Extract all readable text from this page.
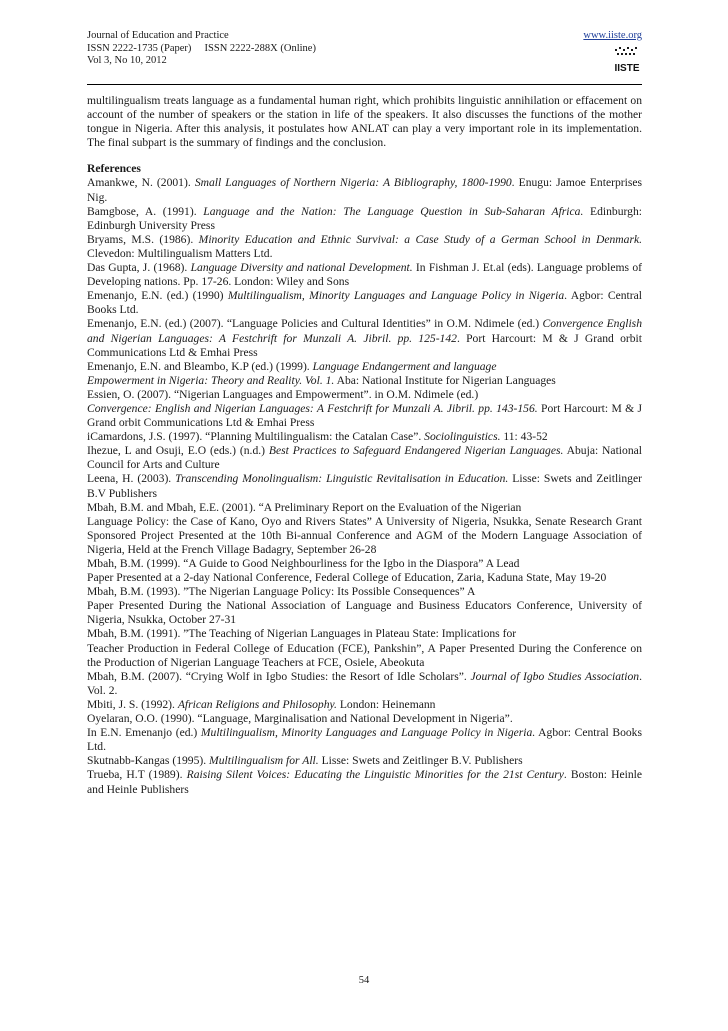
Journal of Education and Practice
ISSN 2222-1735 (Paper)     ISSN 2222-288X (Online)
Vol 3, No 10, 2012
www.iiste.org
IISTE

multilingualism treats language as a fundamental human right, which prohibits linguistic annihilation or effacement on account of the number of speakers or the station in life of the speakers. It also discusses the functions of the mother tongue in Nigeria. After this analysis, it postulates how ANLAT can play a very important role in its implementation. The final subpart is the summary of findings and the conclusion.

References

Amankwe, N. (2001). Small Languages of Northern Nigeria: A Bibliography, 1800-1990. Enugu: Jamoe Enterprises Nig.

Bamgbose, A. (1991). Language and the Nation: The Language Question in Sub-Saharan Africa. Edinburgh: Edinburgh University Press

Bryams, M.S. (1986). Minority Education and Ethnic Survival: a Case Study of a German School in Denmark. Clevedon: Multilingualism Matters Ltd.

Das Gupta, J. (1968). Language Diversity and national Development. In Fishman J. Et.al (eds). Language problems of Developing nations. Pp. 17-26. London: Wiley and Sons

Emenanjo, E.N. (ed.) (1990) Multilingualism, Minority Languages and Language Policy in Nigeria. Agbor: Central Books Ltd.

Emenanjo, E.N. (ed.) (2007). “Language Policies and Cultural Identities” in O.M. Ndimele (ed.) Convergence English and Nigerian Languages: A Festchrift for Munzali A. Jibril. pp. 125-142. Port Harcourt: M & J Grand orbit Communications Ltd & Emhai Press

Emenanjo, E.N. and Bleambo, K.P (ed.) (1999). Language Endangerment and language

Empowerment in Nigeria: Theory and Reality. Vol. 1. Aba: National Institute for Nigerian Languages

Essien, O. (2007). “Nigerian Languages and Empowerment”. in O.M. Ndimele (ed.)

Convergence: English and Nigerian Languages: A Festchrift for Munzali A. Jibril. pp. 143-156. Port Harcourt: M & J Grand orbit Communications Ltd & Emhai Press

iCamardons, J.S. (1997). “Planning Multilingualism: the Catalan Case”. Sociolinguistics. 11: 43-52

Ihezue, L and Osuji, E.O (eds.) (n.d.) Best Practices to Safeguard Endangered Nigerian Languages. Abuja: National Council for Arts and Culture

Leena, H. (2003). Transcending Monolingualism: Linguistic Revitalisation in Education. Lisse: Swets and Zeitlinger B.V Publishers

Mbah, B.M. and Mbah, E.E. (2001). “A Preliminary Report on the Evaluation of the Nigerian

Language Policy: the Case of Kano, Oyo and Rivers States” A University of Nigeria, Nsukka, Senate Research Grant Sponsored Project Presented at the 10th Bi-annual Conference and AGM of the Modern Language Association of Nigeria, Held at the French Village Badagry, September 26-28

Mbah, B.M. (1999). “A Guide to Good Neighbourliness for the Igbo in the Diaspora” A Lead

Paper Presented at a 2-day National Conference, Federal College of Education, Zaria, Kaduna State, May 19-20

Mbah, B.M. (1993). ”The Nigerian Language Policy: Its Possible Consequences” A

Paper Presented During the National Association of Language and Business Educators Conference, University of Nigeria, Nsukka, October 27-31

Mbah, B.M. (1991). ”The Teaching of Nigerian Languages in Plateau State: Implications for

Teacher Production in Federal College of Education (FCE), Pankshin”, A Paper Presented During the Conference on the Production of Nigerian Language Teachers at FCE, Osiele, Abeokuta

Mbah, B.M. (2007). “Crying Wolf in Igbo Studies: the Resort of Idle Scholars”. Journal of Igbo Studies Association. Vol. 2.

Mbiti, J. S. (1992). African Religions and Philosophy. London: Heinemann

Oyelaran, O.O. (1990). “Language, Marginalisation and National Development in Nigeria”.

In E.N. Emenanjo (ed.) Multilingualism, Minority Languages and Language Policy in Nigeria. Agbor: Central Books Ltd.

Skutnabb-Kangas (1995). Multilingualism for All. Lisse: Swets and Zeitlinger B.V. Publishers

Trueba, H.T (1989). Raising Silent Voices: Educating the Linguistic Minorities for the 21st Century. Boston: Heinle and Heinle Publishers

54
